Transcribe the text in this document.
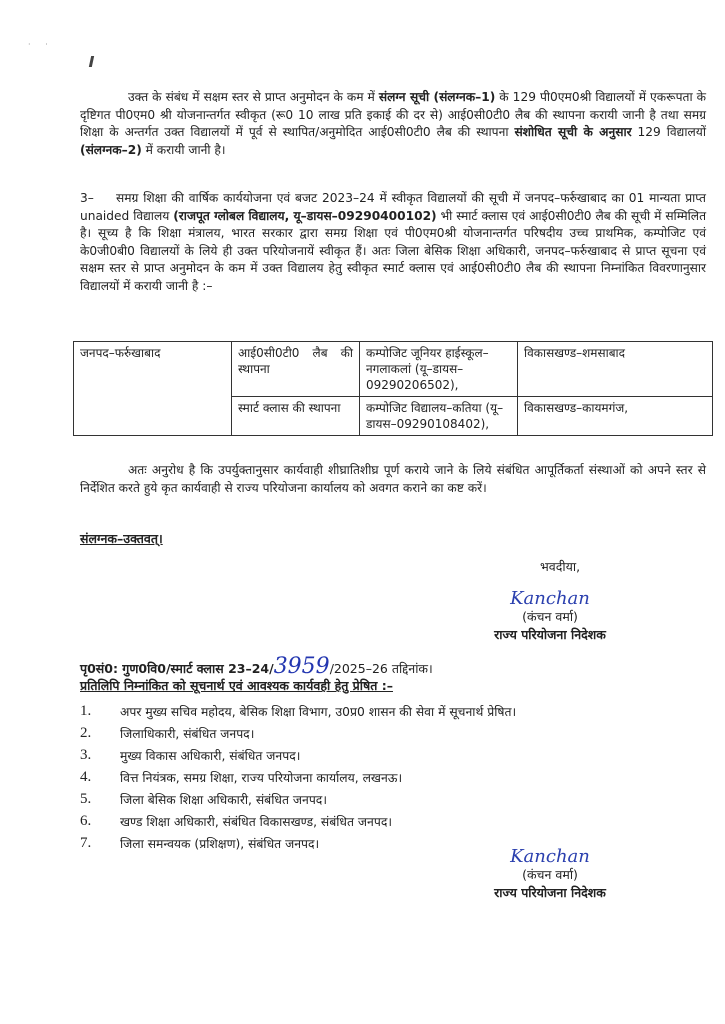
· ·
उक्त के संबंध में सक्षम स्तर से प्राप्त अनुमोदन के कम में संलग्न सूची (संलग्नक–1) के 129 पी0एम0श्री विद्यालयों में एकरूपता के दृष्टिगत पी0एम0 श्री योजनान्तर्गत स्वीकृत (रू0 10 लाख प्रति इकाई की दर से) आई0सी0टी0 लैब की स्थापना करायी जानी है तथा समग्र शिक्षा के अन्तर्गत उक्त विद्यालयों में पूर्व से स्थापित/अनुमोदित आई0सी0टी0 लैब की स्थापना संशोधित सूची के अनुसार 129 विद्यालयों (संलग्नक–2) में करायी जानी है।
3– समग्र शिक्षा की वार्षिक कार्ययोजना एवं बजट 2023–24 में स्वीकृत विद्यालयों की सूची में जनपद–फर्रुखाबाद का 01 मान्यता प्राप्त unaided विद्यालय (राजपूत ग्लोबल विद्यालय, यू–डायस–09290400102) भी स्मार्ट क्लास एवं आई0सी0टी0 लैब की सूची में सम्मिलित है। सूच्य है कि शिक्षा मंत्रालय, भारत सरकार द्वारा समग्र शिक्षा एवं पी0एम0श्री योजनान्तर्गत परिषदीय उच्च प्राथमिक, कम्पोजिट एवं के0जी0बी0 विद्यालयों के लिये ही उक्त परियोजनायें स्वीकृत हैं। अतः जिला बेसिक शिक्षा अधिकारी, जनपद–फर्रुखाबाद से प्राप्त सूचना एवं सक्षम स्तर से प्राप्त अनुमोदन के कम में उक्त विद्यालय हेतु स्वीकृत स्मार्ट क्लास एवं आई0सी0टी0 लैब की स्थापना निम्नांकित विवरणानुसार विद्यालयों में करायी जानी है :–
जनपद–फर्रुखाबाद	आई0सी0टी0 लैब की स्थापना	कम्पोजिट जूनियर हाईस्कूल–नगलाकलां (यू–डायस–09290206502),	विकासखण्ड–शमसाबाद
	स्मार्ट क्लास की स्थापना	कम्पोजिट विद्यालय–कतिया (यू–डायस–09290108402),	विकासखण्ड–कायमगंज,
अतः अनुरोध है कि उपर्युक्तानुसार कार्यवाही शीघ्रातिशीघ्र पूर्ण कराये जाने के लिये संबंधित आपूर्तिकर्ता संस्थाओं को अपने स्तर से निर्देशित करते हुये कृत कार्यवाही से राज्य परियोजना कार्यालय को अवगत कराने का कष्ट करें।
संलग्नक–उक्तवत्।
भवदीया,
Kanchan
(कंचन वर्मा)
राज्य परियोजना निदेशक
पृ0सं0: गुण0वि0/स्मार्ट क्लास 23–24/3959/2025–26 तद्दिनांक।
प्रतिलिपि निम्नांकित को सूचनार्थ एवं आवश्यक कार्यवही हेतु प्रेषित :–
1.	अपर मुख्य सचिव महोदय, बेसिक शिक्षा विभाग, उ0प्र0 शासन की सेवा में सूचनार्थ प्रेषित।
2.	जिलाधिकारी, संबंधित जनपद।
3.	मुख्य विकास अधिकारी, संबंधित जनपद।
4.	वित्त नियंत्रक, समग्र शिक्षा, राज्य परियोजना कार्यालय, लखनऊ।
5.	जिला बेसिक शिक्षा अधिकारी, संबंधित जनपद।
6.	खण्ड शिक्षा अधिकारी, संबंधित विकासखण्ड, संबंधित जनपद।
7.	जिला समन्वयक (प्रशिक्षण), संबंधित जनपद।
Kanchan
(कंचन वर्मा)
राज्य परियोजना निदेशक
